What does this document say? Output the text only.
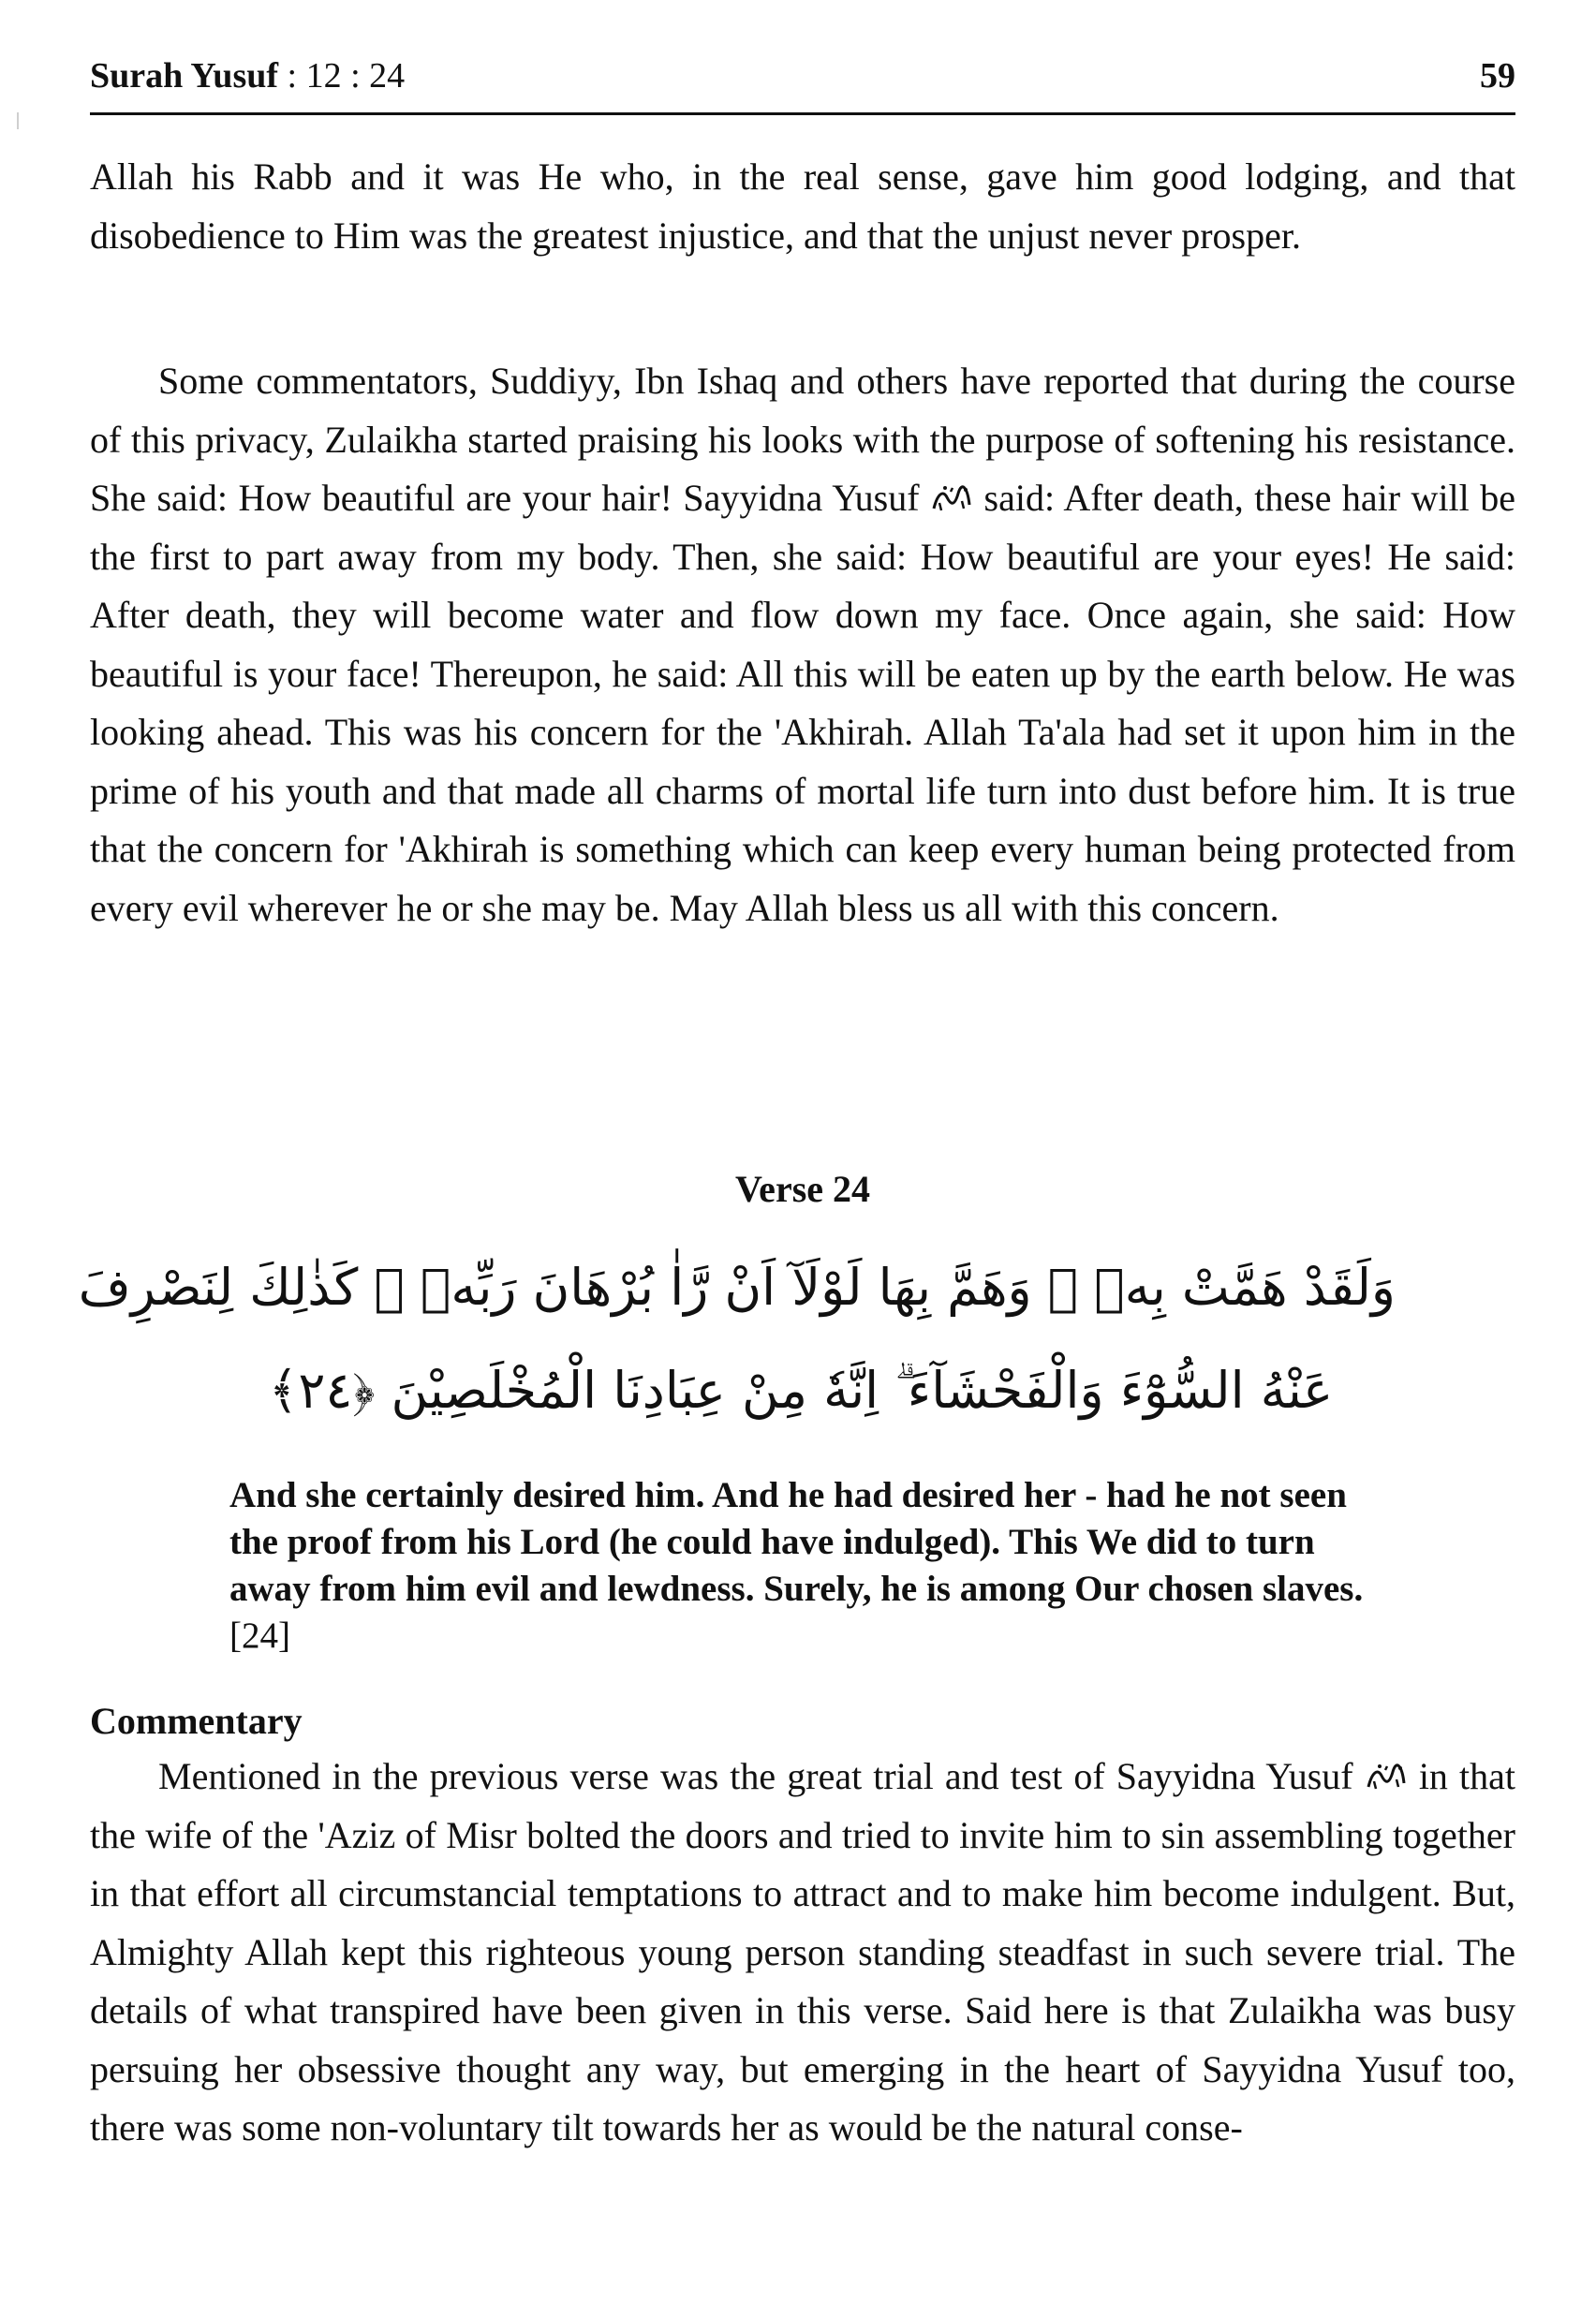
Surah Yusuf : 12 : 24	59

Allah his Rabb and it was He who, in the real sense, gave him good lodging, and that disobedience to Him was the greatest injustice, and that the unjust never prosper.

Some commentators, Suddiyy, Ibn Ishaq and others have reported that during the course of this privacy, Zulaikha started praising his looks with the purpose of softening his resistance. She said: How beautiful are your hair! Sayyidna Yusuf said: After death, these hair will be the first to part away from my body. Then, she said: How beautiful are your eyes! He said: After death, they will become water and flow down my face. Once again, she said: How beautiful is your face! Thereupon, he said: All this will be eaten up by the earth below. He was looking ahead. This was his concern for the 'Akhirah. Allah Ta'ala had set it upon him in the prime of his youth and that made all charms of mortal life turn into dust before him. It is true that the concern for 'Akhirah is something which can keep every human being protected from every evil wherever he or she may be. May Allah bless us all with this concern.

Verse 24
وَلَقَدْ هَمَّتْ بِهٖ ۚ وَهَمَّ بِهَا لَوْلَآ اَنْ رَّاٰ بُرْهَانَ رَبِّهٖ ۗ كَذٰلِكَ لِنَصْرِفَ
عَنْهُ السُّوْٓءَ وَالْفَحْشَآءَ ۗ اِنَّهٗ مِنْ عِبَادِنَا الْمُخْلَصِيْنَ ﴿٢٤﴾

And she certainly desired him. And he had desired her - had he not seen the proof from his Lord (he could have indulged). This We did to turn away from him evil and lewdness. Surely, he is among Our chosen slaves. [24]

Commentary

Mentioned in the previous verse was the great trial and test of Sayyidna Yusuf in that the wife of the 'Aziz of Misr bolted the doors and tried to invite him to sin assembling together in that effort all circumstancial temptations to attract and to make him become indulgent. But, Almighty Allah kept this righteous young person standing steadfast in such severe trial. The details of what transpired have been given in this verse. Said here is that Zulaikha was busy persuing her obsessive thought any way, but emerging in the heart of Sayyidna Yusuf too, there was some non-voluntary tilt towards her as would be the natural conse-
